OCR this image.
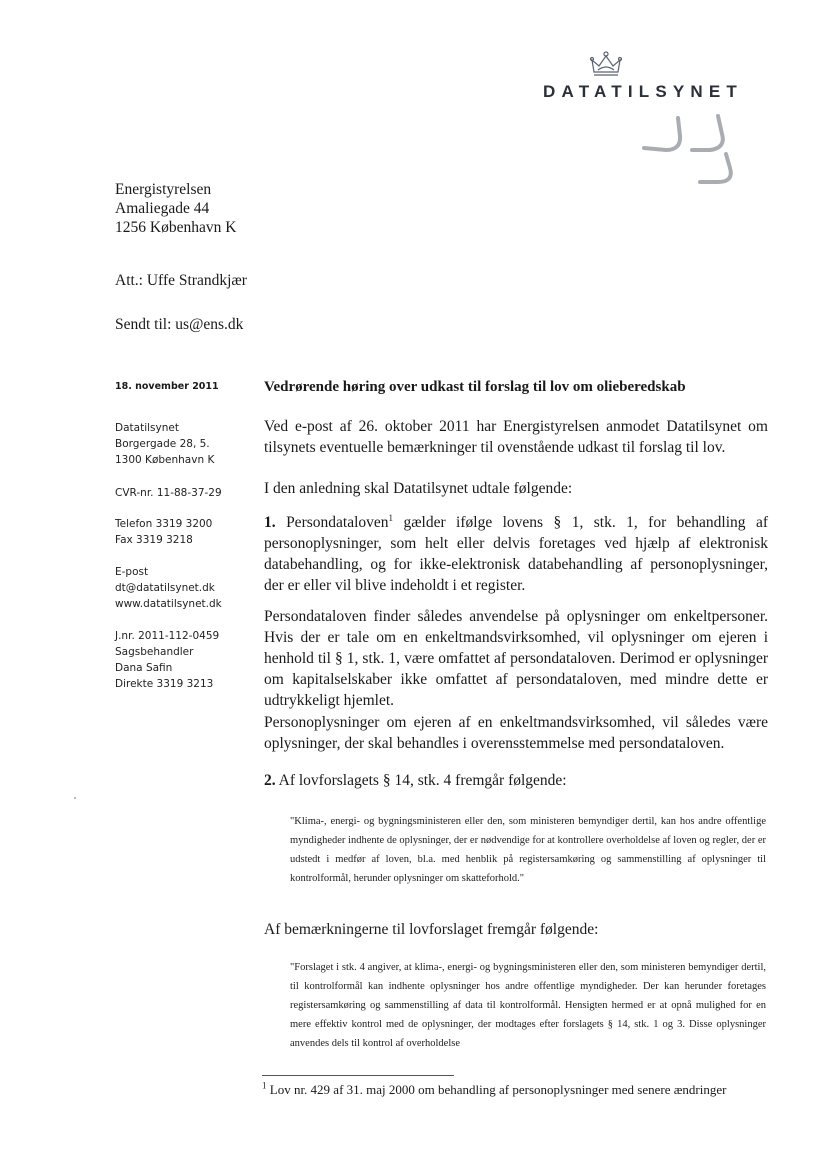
DATATILSYNET
Energistyrelsen
Amaliegade 44
1256 København K
Att.: Uffe Strandkjær
Sendt til: us@ens.dk
18. november 2011
Datatilsynet
Borgergade 28, 5.
1300 København K
CVR-nr. 11-88-37-29
Telefon 3319 3200
Fax 3319 3218
E-post
dt@datatilsynet.dk
www.datatilsynet.dk
J.nr. 2011-112-0459
Sagsbehandler
Dana Safin
Direkte 3319 3213
Vedrørende høring over udkast til forslag til lov om olieberedskab
Ved e-post af 26. oktober 2011 har Energistyrelsen anmodet Datatilsynet om tilsynets eventuelle bemærkninger til ovenstående udkast til forslag til lov.
I den anledning skal Datatilsynet udtale følgende:
1. Persondataloven$^1$ gælder ifølge lovens § 1, stk. 1, for behandling af personoplysninger, som helt eller delvis foretages ved hjælp af elektronisk databehandling, og for ikke-elektronisk databehandling af personoplysninger, der er eller vil blive indeholdt i et register.
Persondataloven finder således anvendelse på oplysninger om enkeltpersoner. Hvis der er tale om en enkeltmandsvirksomhed, vil oplysninger om ejeren i henhold til § 1, stk. 1, være omfattet af persondataloven. Derimod er oplysninger om kapitalselskaber ikke omfattet af persondataloven, med mindre dette er udtrykkeligt hjemlet.
Personoplysninger om ejeren af en enkeltmandsvirksomhed, vil således være oplysninger, der skal behandles i overensstemmelse med persondataloven.
2. Af lovforslagets § 14, stk. 4 fremgår følgende:
"Klima-, energi- og bygningsministeren eller den, som ministeren bemyndiger dertil, kan hos andre offentlige myndigheder indhente de oplysninger, der er nødvendige for at kontrollere overholdelse af loven og regler, der er udstedt i medfør af loven, bl.a. med henblik på registersamkøring og sammenstilling af oplysninger til kontrolformål, herunder oplysninger om skatteforhold."
Af bemærkningerne til lovforslaget fremgår følgende:
"Forslaget i stk. 4 angiver, at klima-, energi- og bygningsministeren eller den, som ministeren bemyndiger dertil, til kontrolformål kan indhente oplysninger hos andre offentlige myndigheder. Der kan herunder foretages registersamkøring og sammenstilling af data til kontrolformål. Hensigten hermed er at opnå mulighed for en mere effektiv kontrol med de oplysninger, der modtages efter forslagets § 14, stk. 1 og 3. Disse oplysninger anvendes dels til kontrol af overholdelse
$^1$ Lov nr. 429 af 31. maj 2000 om behandling af personoplysninger med senere ændringer
